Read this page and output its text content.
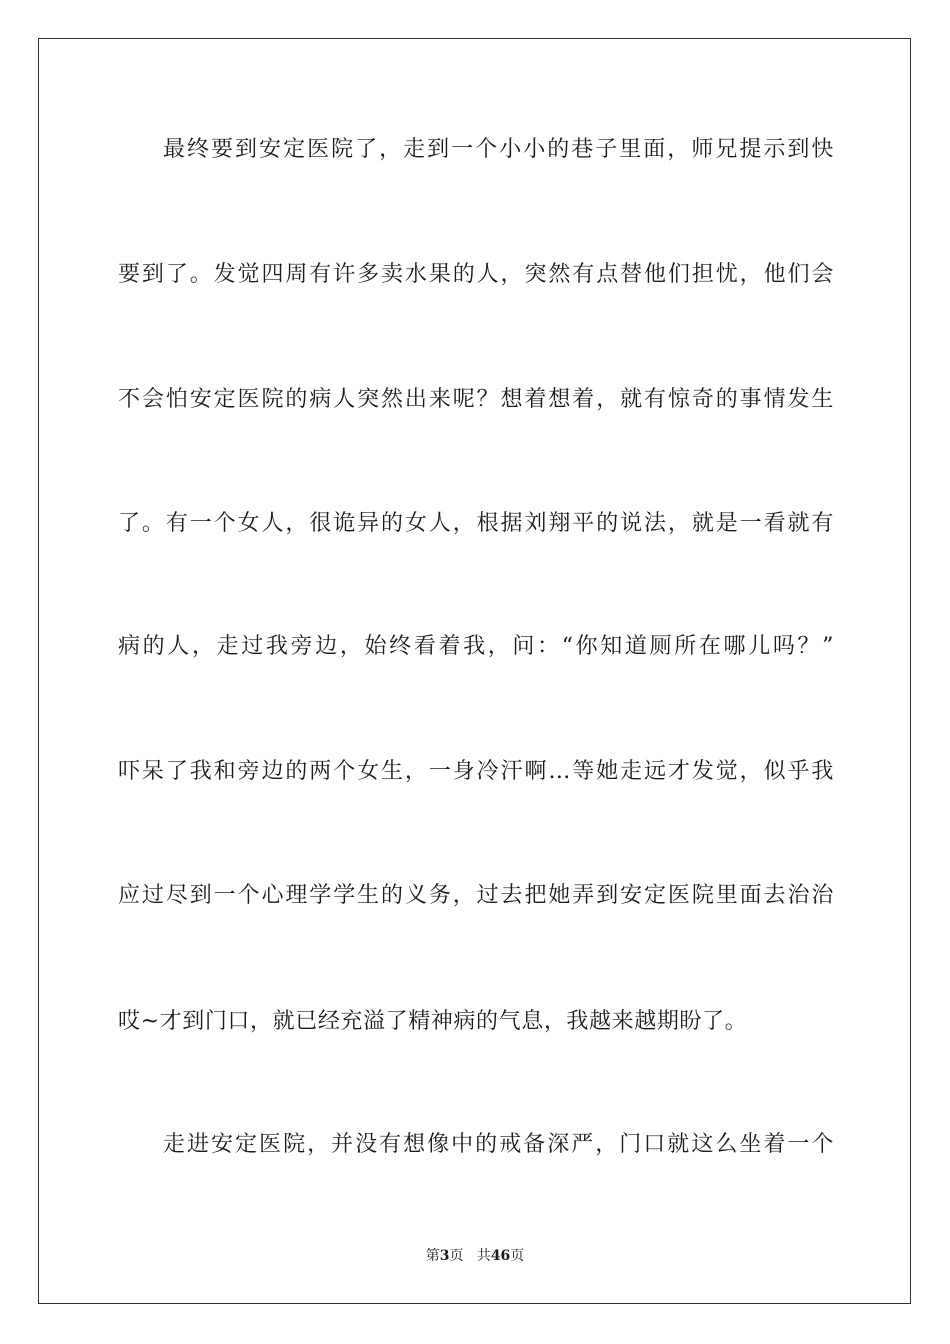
最终要到安定医院了，走到一个小小的巷子里面，师兄提示到快
要到了。发觉四周有许多卖水果的人，突然有点替他们担忧，他们会
不会怕安定医院的病人突然出来呢？想着想着，就有惊奇的事情发生
了。有一个女人，很诡异的女人，根据刘翔平的说法，就是一看就有
病的人，走过我旁边，始终看着我，问：“你知道厕所在哪儿吗？”
吓呆了我和旁边的两个女生，一身冷汗啊…等她走远才发觉，似乎我
应过尽到一个心理学学生的义务，过去把她弄到安定医院里面去治治
哎~才到门口，就已经充溢了精神病的气息，我越来越期盼了。
走进安定医院，并没有想像中的戒备深严，门口就这么坐着一个
第3页 共46页
